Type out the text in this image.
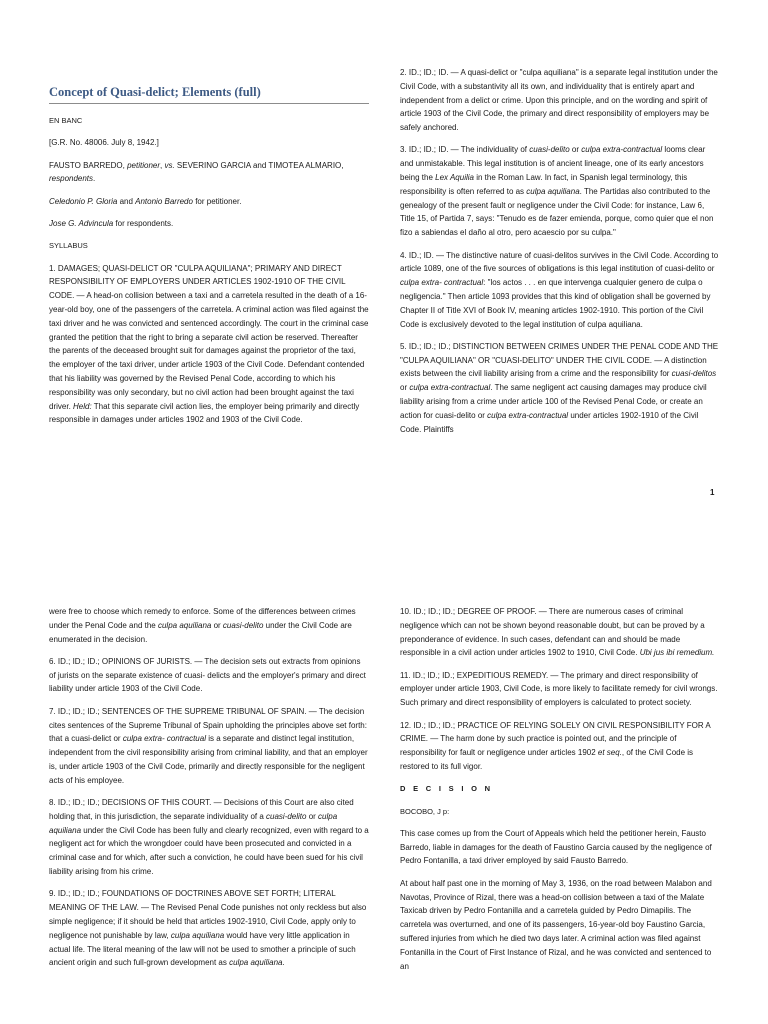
Concept of Quasi-delict; Elements (full)

EN BANC

[G.R. No. 48006. July 8, 1942.]

FAUSTO BARREDO, petitioner, vs. SEVERINO GARCIA and TIMOTEA ALMARIO, respondents.

Celedonio P. Gloria and Antonio Barredo for petitioner.

Jose G. Advincula for respondents.

SYLLABUS

1. DAMAGES; QUASI-DELICT OR "CULPA AQUILIANA"; PRIMARY AND DIRECT RESPONSIBILITY OF EMPLOYERS UNDER ARTICLES 1902-1910 OF THE CIVIL CODE. — A head-on collision between a taxi and a carretela resulted in the death of a 16-year-old boy, one of the passengers of the carretela. A criminal action was filed against the taxi driver and he was convicted and sentenced accordingly. The court in the criminal case granted the petition that the right to bring a separate civil action be reserved. Thereafter the parents of the deceased brought suit for damages against the proprietor of the taxi, the employer of the taxi driver, under article 1903 of the Civil Code. Defendant contended that his liability was governed by the Revised Penal Code, according to which his responsibility was only secondary, but no civil action had been brought against the taxi driver. Held: That this separate civil action lies, the employer being primarily and directly responsible in damages under articles 1902 and 1903 of the Civil Code.

2. ID.; ID.; ID. — A quasi-delict or "culpa aquiliana" is a separate legal institution under the Civil Code, with a substantivity all its own, and individuality that is entirely apart and independent from a delict or crime. Upon this principle, and on the wording and spirit of article 1903 of the Civil Code, the primary and direct responsibility of employers may be safely anchored.

3. ID.; ID.; ID. — The individuality of cuasi-delito or culpa extra-contractual looms clear and unmistakable. This legal institution is of ancient lineage, one of its early ancestors being the Lex Aquilia in the Roman Law. In fact, in Spanish legal terminology, this responsibility is often referred to as culpa aquiliana. The Partidas also contributed to the genealogy of the present fault or negligence under the Civil Code: for instance, Law 6, Title 15, of Partida 7, says: "Tenudo es de fazer emienda, porque, como quier que el non fizo a sabiendas el daño al otro, pero acaescio por su culpa."

4. ID.; ID. — The distinctive nature of cuasi-delitos survives in the Civil Code. According to article 1089, one of the five sources of obligations is this legal institution of cuasi-delito or culpa extra- contractual: "los actos . . . en que intervenga cualquier genero de culpa o negligencia." Then article 1093 provides that this kind of obligation shall be governed by Chapter II of Title XVI of Book IV, meaning articles 1902-1910. This portion of the Civil Code is exclusively devoted to the legal institution of culpa aquiliana.

5. ID.; ID.; ID.; DISTINCTION BETWEEN CRIMES UNDER THE PENAL CODE AND THE "CULPA AQUILIANA" OR "CUASI-DELITO" UNDER THE CIVIL CODE. — A distinction exists between the civil liability arising from a crime and the responsibility for cuasi-delitos or culpa extra-contractual. The same negligent act causing damages may produce civil liability arising from a crime under article 100 of the Revised Penal Code, or create an action for cuasi-delito or culpa extra-contractual under articles 1902-1910 of the Civil Code. Plaintiffs

1

were free to choose which remedy to enforce. Some of the differences between crimes under the Penal Code and the culpa aquiliana or cuasi-delito under the Civil Code are enumerated in the decision.

6. ID.; ID.; ID.; OPINIONS OF JURISTS. — The decision sets out extracts from opinions of jurists on the separate existence of cuasi- delicts and the employer's primary and direct liability under article 1903 of the Civil Code.

7. ID.; ID.; ID.; SENTENCES OF THE SUPREME TRIBUNAL OF SPAIN. — The decision cites sentences of the Supreme Tribunal of Spain upholding the principles above set forth: that a cuasi-delict or culpa extra- contractual is a separate and distinct legal institution, independent from the civil responsibility arising from criminal liability, and that an employer is, under article 1903 of the Civil Code, primarily and directly responsible for the negligent acts of his employee.

8. ID.; ID.; ID.; DECISIONS OF THIS COURT. — Decisions of this Court are also cited holding that, in this jurisdiction, the separate individuality of a cuasi-delito or culpa aquiliana under the Civil Code has been fully and clearly recognized, even with regard to a negligent act for which the wrongdoer could have been prosecuted and convicted in a criminal case and for which, after such a conviction, he could have been sued for his civil liability arising from his crime.

9. ID.; ID.; ID.; FOUNDATIONS OF DOCTRINES ABOVE SET FORTH; LITERAL MEANING OF THE LAW. — The Revised Penal Code punishes not only reckless but also simple negligence; if it should be held that articles 1902-1910, Civil Code, apply only to negligence not punishable by law, culpa aquiliana would have very little application in actual life. The literal meaning of the law will not be used to smother a principle of such ancient origin and such full-grown development as culpa aquiliana.

10. ID.; ID.; ID.; DEGREE OF PROOF. — There are numerous cases of criminal negligence which can not be shown beyond reasonable doubt, but can be proved by a preponderance of evidence. In such cases, defendant can and should be made responsible in a civil action under articles 1902 to 1910, Civil Code. Ubi jus ibi remedium.

11. ID.; ID.; ID.; EXPEDITIOUS REMEDY. — The primary and direct responsibility of employer under article 1903, Civil Code, is more likely to facilitate remedy for civil wrongs. Such primary and direct responsibility of employers is calculated to protect society.

12. ID.; ID.; ID.; PRACTICE OF RELYING SOLELY ON CIVIL RESPONSIBILITY FOR A CRIME. — The harm done by such practice is pointed out, and the principle of responsibility for fault or negligence under articles 1902 et seq., of the Civil Code is restored to its full vigor.

D E C I S I O N

BOCOBO, J p:

This case comes up from the Court of Appeals which held the petitioner herein, Fausto Barredo, liable in damages for the death of Faustino Garcia caused by the negligence of Pedro Fontanilla, a taxi driver employed by said Fausto Barredo.

At about half past one in the morning of May 3, 1936, on the road between Malabon and Navotas, Province of Rizal, there was a head-on collision between a taxi of the Malate Taxicab driven by Pedro Fontanilla and a carretela guided by Pedro Dimapilis. The carretela was overturned, and one of its passengers, 16-year-old boy Faustino Garcia, suffered injuries from which he died two days later. A criminal action was filed against Fontanilla in the Court of First Instance of Rizal, and he was convicted and sentenced to an
